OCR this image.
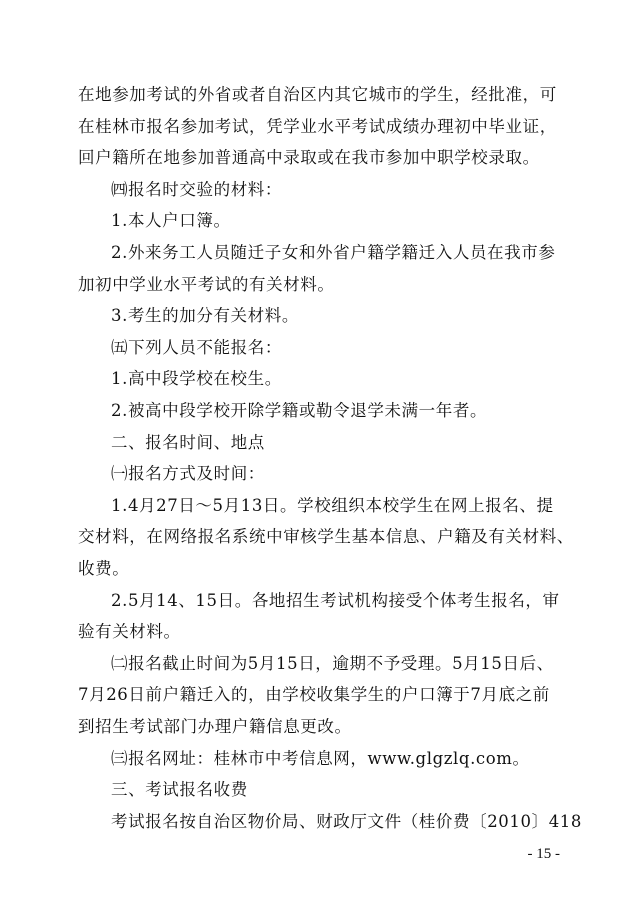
在地参加考试的外省或者自治区内其它城市的学生，经批准，可
在桂林市报名参加考试，凭学业水平考试成绩办理初中毕业证，
回户籍所在地参加普通高中录取或在我市参加中职学校录取。
㈣报名时交验的材料：
1.本人户口簿。
2.外来务工人员随迁子女和外省户籍学籍迁入人员在我市参
加初中学业水平考试的有关材料。
3.考生的加分有关材料。
㈤下列人员不能报名：
1.高中段学校在校生。
2.被高中段学校开除学籍或勒令退学未满一年者。
二、报名时间、地点
㈠报名方式及时间：
1.4月27日～5月13日。学校组织本校学生在网上报名、提
交材料，在网络报名系统中审核学生基本信息、户籍及有关材料、
收费。
2.5月14、15日。各地招生考试机构接受个体考生报名，审
验有关材料。
㈡报名截止时间为5月15日，逾期不予受理。5月15日后、
7月26日前户籍迁入的，由学校收集学生的户口簿于7月底之前
到招生考试部门办理户籍信息更改。
㈢报名网址：桂林市中考信息网，www.glgzlq.com。
三、考试报名收费
考试报名按自治区物价局、财政厅文件（桂价费〔2010〕418
- 15 -
